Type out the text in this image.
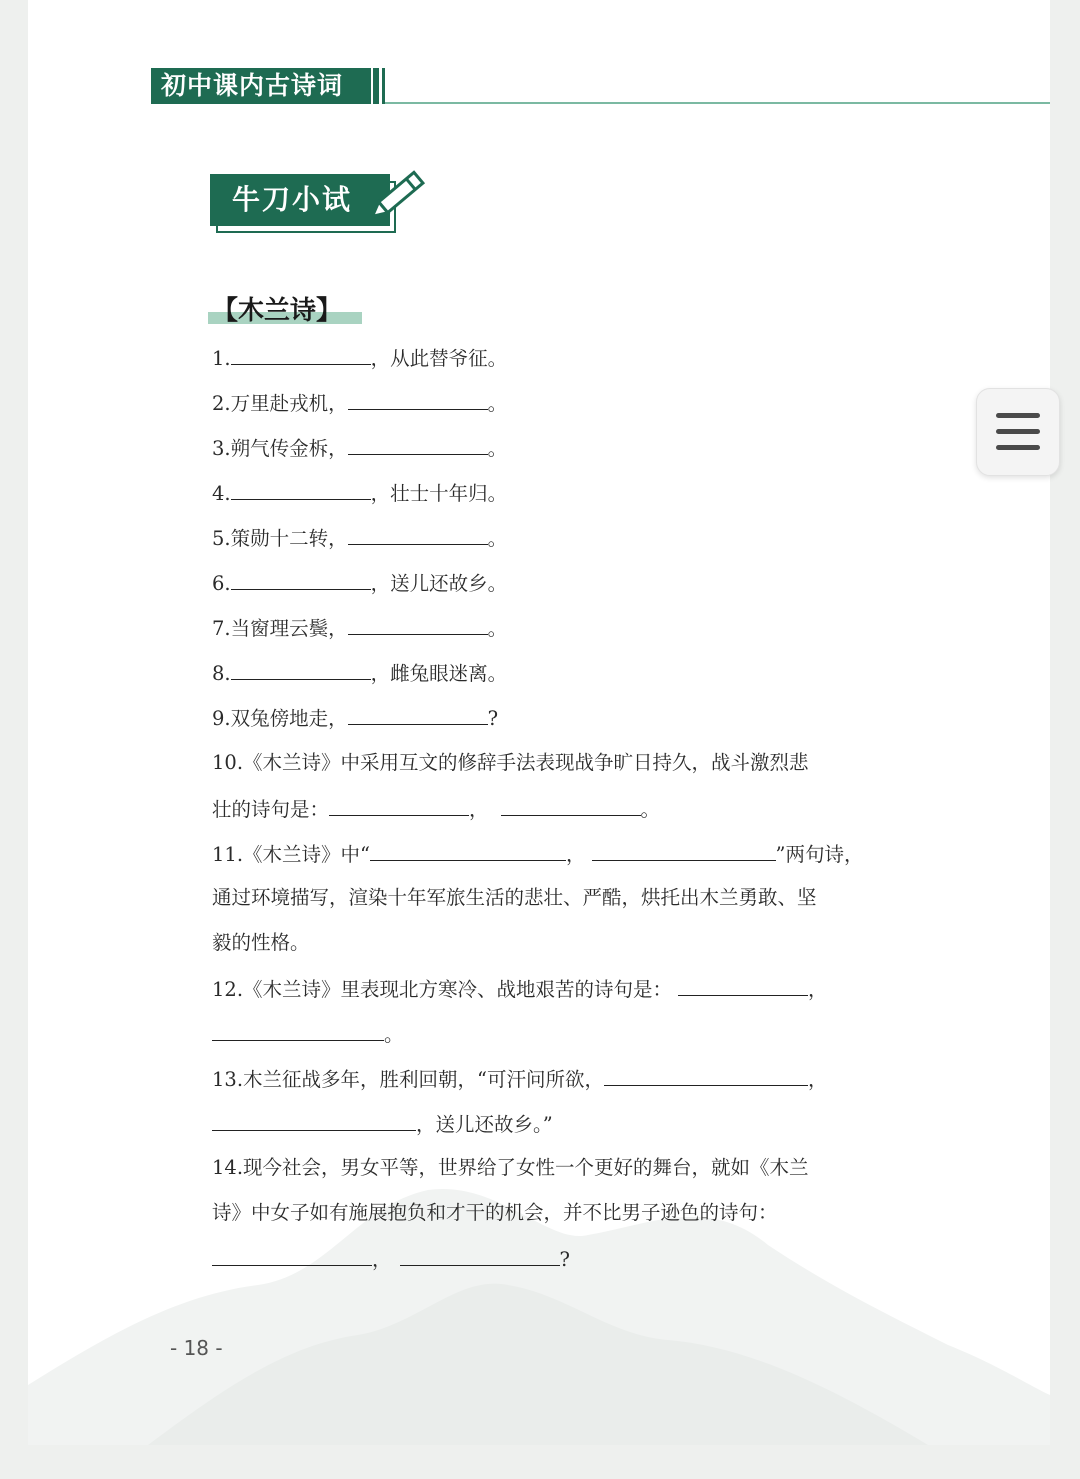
初中课内古诗词
牛刀小试
【木兰诗】
1.	，从此替爷征。
2.万里赴戎机，	。
3.朔气传金柝，	。
4.	，壮士十年归。
5.策勋十二转，	。
6.	，送儿还故乡。
7.当窗理云鬓，	。
8.	，雌兔眼迷离。
9.双兔傍地走，	?
10.《木兰诗》中采用互文的修辞手法表现战争旷日持久，战斗激烈悲
壮的诗句是：	，	。
11.《木兰诗》中“	，	”两句诗，
通过环境描写，渲染十年军旅生活的悲壮、严酷，烘托出木兰勇敢、坚
毅的性格。
12.《木兰诗》里表现北方寒冷、战地艰苦的诗句是：	，
。
13.木兰征战多年，胜利回朝，“可汗问所欲，	，
，送儿还故乡。”
14.现今社会，男女平等，世界给了女性一个更好的舞台，就如《木兰
诗》中女子如有施展抱负和才干的机会，并不比男子逊色的诗句：
，	?
- 18 -
